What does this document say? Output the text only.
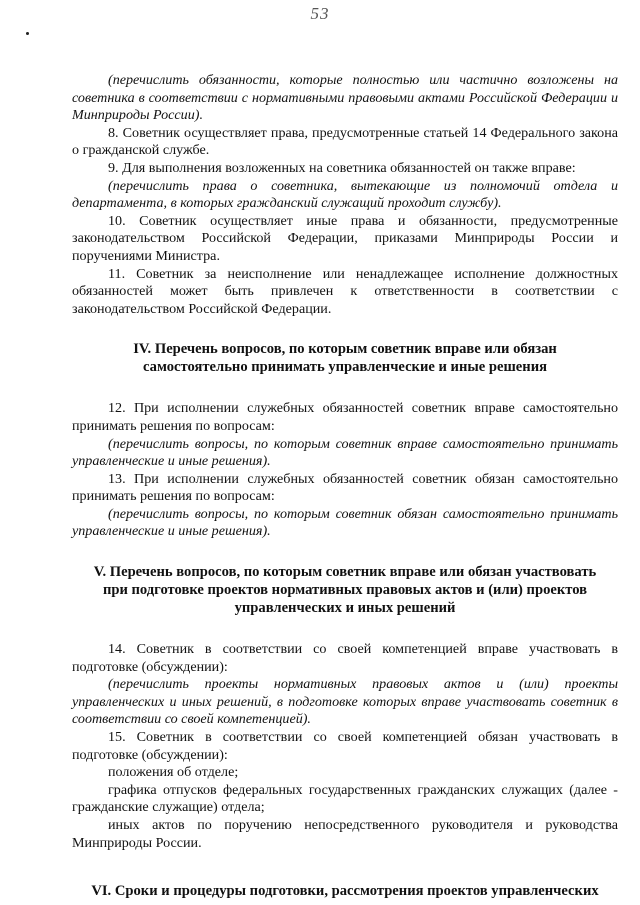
53

(перечислить обязанности, которые полностью или частично возложены на советника в соответствии с нормативными правовыми актами Российской Федерации и Минприроды России).

8. Советник осуществляет права, предусмотренные статьей 14 Федерального закона о гражданской службе.

9. Для выполнения возложенных на советника обязанностей он также вправе:

(перечислить права о советника, вытекающие из полномочий отдела и департамента, в которых гражданский служащий проходит службу).

10. Советник осуществляет иные права и обязанности, предусмотренные законодательством Российской Федерации, приказами Минприроды России и поручениями Министра.

11. Советник за неисполнение или ненадлежащее исполнение должностных обязанностей может быть привлечен к ответственности в соответствии с законодательством Российской Федерации.

IV. Перечень вопросов, по которым советник вправе или обязан самостоятельно принимать управленческие и иные решения

12. При исполнении служебных обязанностей советник вправе самостоятельно принимать решения по вопросам:

(перечислить вопросы, по которым советник вправе самостоятельно принимать управленческие и иные решения).

13. При исполнении служебных обязанностей советник обязан самостоятельно принимать решения по вопросам:

(перечислить вопросы, по которым советник обязан самостоятельно принимать управленческие и иные решения).

V. Перечень вопросов, по которым советник вправе или обязан участвовать при подготовке проектов нормативных правовых актов и (или) проектов управленческих и иных решений

14. Советник в соответствии со своей компетенцией вправе участвовать в подготовке (обсуждении):

(перечислить проекты нормативных правовых актов и (или) проекты управленческих и иных решений, в подготовке которых вправе участвовать советник в соответствии со своей компетенцией).

15. Советник в соответствии со своей компетенцией обязан участвовать в подготовке (обсуждении):

положения об отделе;

графика отпусков федеральных государственных гражданских служащих (далее - гражданские служащие) отдела;

иных актов по поручению непосредственного руководителя и руководства Минприроды России.

VI. Сроки и процедуры подготовки, рассмотрения проектов управленческих
